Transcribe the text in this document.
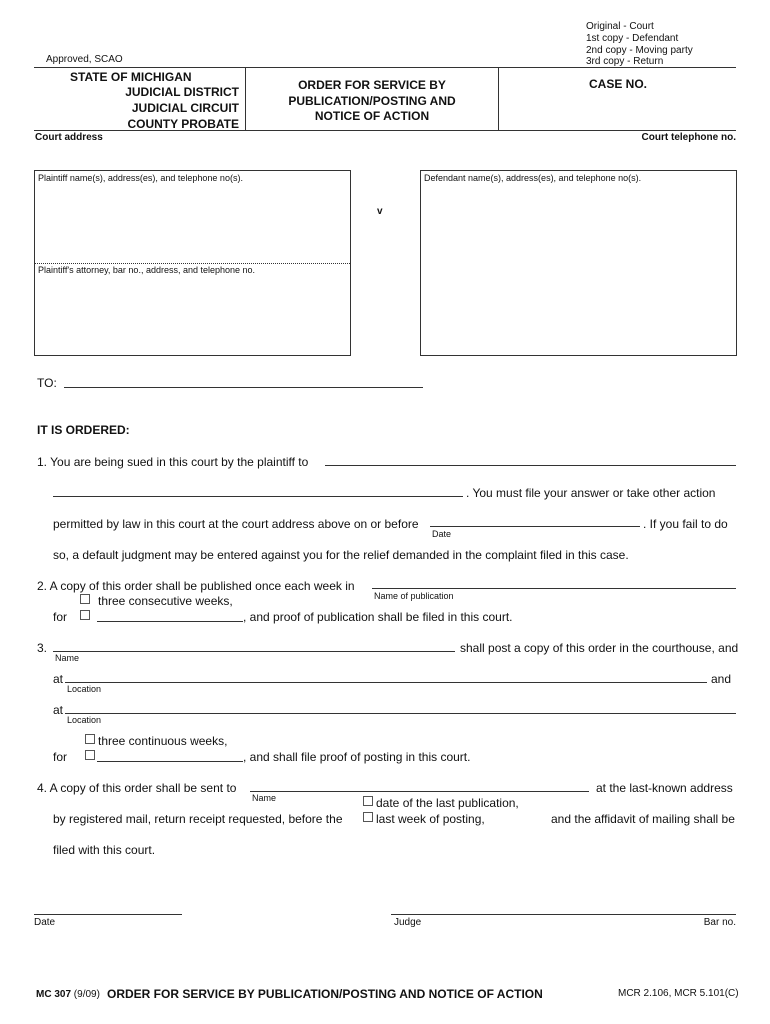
Original - Court
1st copy - Defendant
2nd copy - Moving party
3rd copy - Return
Approved, SCAO
STATE OF MICHIGAN
JUDICIAL DISTRICT
JUDICIAL CIRCUIT
COUNTY PROBATE
ORDER FOR SERVICE BY
PUBLICATION/POSTING AND
NOTICE OF ACTION
CASE NO.
Court address	Court telephone no.
Plaintiff name(s), address(es), and telephone no(s).
Plaintiff's attorney, bar no., address, and telephone no.
v
Defendant name(s), address(es), and telephone no(s).
TO:
IT IS ORDERED:
1. You are being sued in this court by the plaintiff to
. You must file your answer or take other action
permitted by law in this court at the court address above on or before
Date
. If you fail to do
so, a default judgment may be entered against you for the relief demanded in the complaint filed in this case.
2. A copy of this order shall be published once each week in
Name of publication
three consecutive weeks,
for	, and proof of publication shall be filed in this court.
3.
Name
shall post a copy of this order in the courthouse, and
at
Location
and
at
Location
three continuous weeks,
for	, and shall file proof of posting in this court.
4. A copy of this order shall be sent to
Name
at the last-known address
date of the last publication,
by registered mail, return receipt requested, before the	last week of posting,	and the affidavit of mailing shall be
filed with this court.
Date	Judge	Bar no.
MC 307 (9/09) ORDER FOR SERVICE BY PUBLICATION/POSTING AND NOTICE OF ACTION	MCR 2.106, MCR 5.101(C)
